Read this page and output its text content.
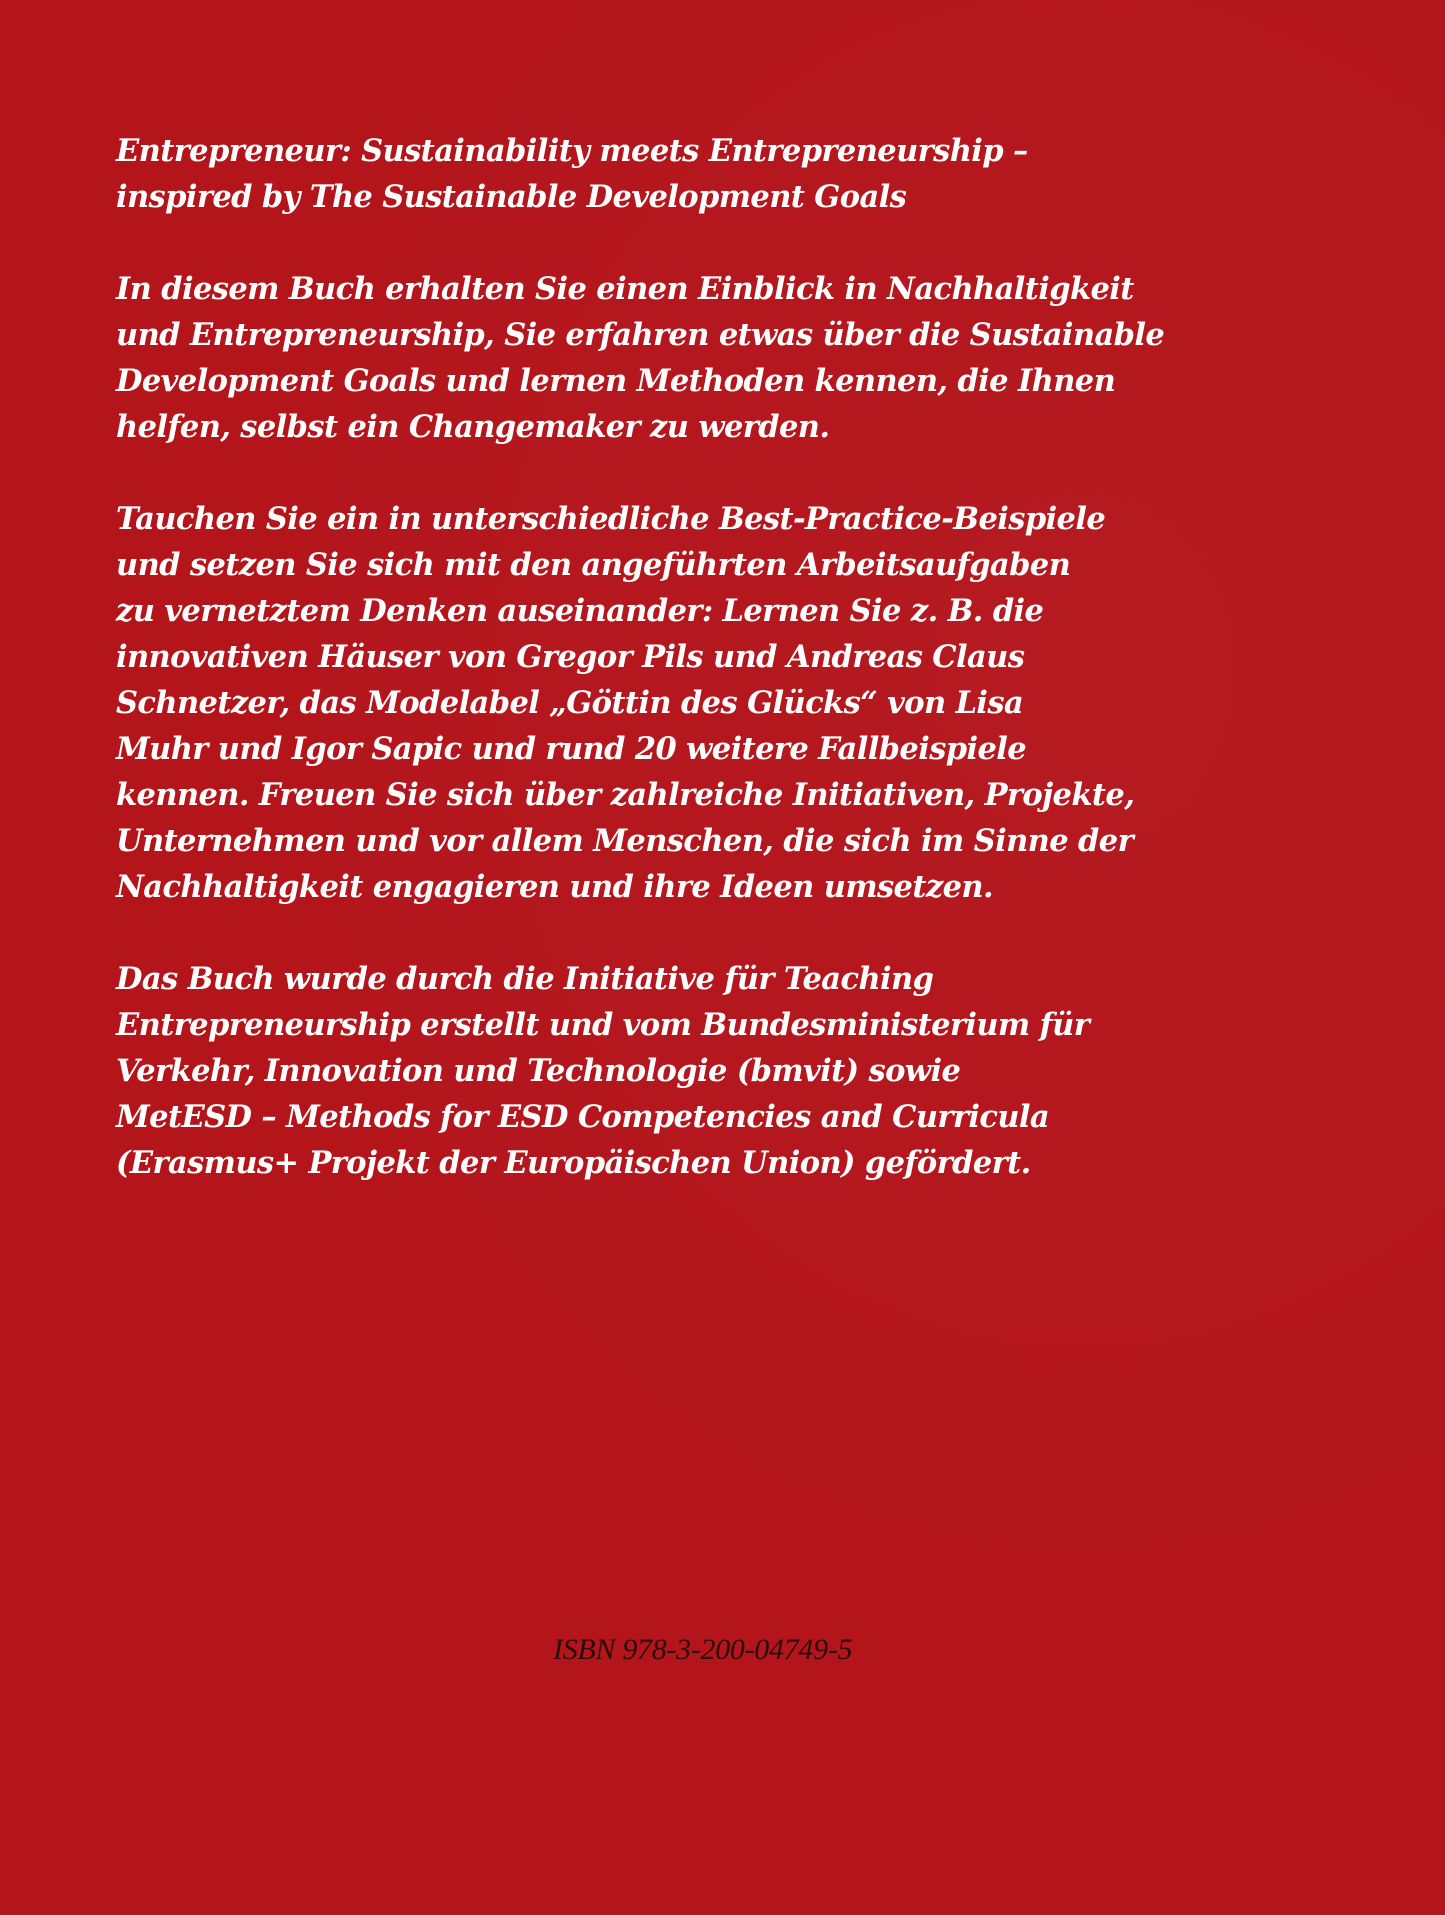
Entrepreneur: Sustainability meets Entrepreneurship –
inspired by The Sustainable Development Goals
In diesem Buch erhalten Sie einen Einblick in Nachhaltigkeit
und Entrepreneurship, Sie erfahren etwas über die Sustainable
Development Goals und lernen Methoden kennen, die Ihnen
helfen, selbst ein Changemaker zu werden.
Tauchen Sie ein in unterschiedliche Best-Practice-Beispiele
und setzen Sie sich mit den angeführten Arbeitsaufgaben
zu vernetztem Denken auseinander: Lernen Sie z. B. die
innovativen Häuser von Gregor Pils und Andreas Claus
Schnetzer, das Modelabel „Göttin des Glücks“ von Lisa
Muhr und Igor Sapic und rund 20 weitere Fallbeispiele
kennen. Freuen Sie sich über zahlreiche Initiativen, Projekte,
Unternehmen und vor allem Menschen, die sich im Sinne der
Nachhaltigkeit engagieren und ihre Ideen umsetzen.
Das Buch wurde durch die Initiative für Teaching
Entrepreneurship erstellt und vom Bundesministerium für
Verkehr, Innovation und Technologie (bmvit) sowie
MetESD – Methods for ESD Competencies and Curricula
(Erasmus+ Projekt der Europäischen Union) gefördert.
ISBN 978-3-200-04749-5
